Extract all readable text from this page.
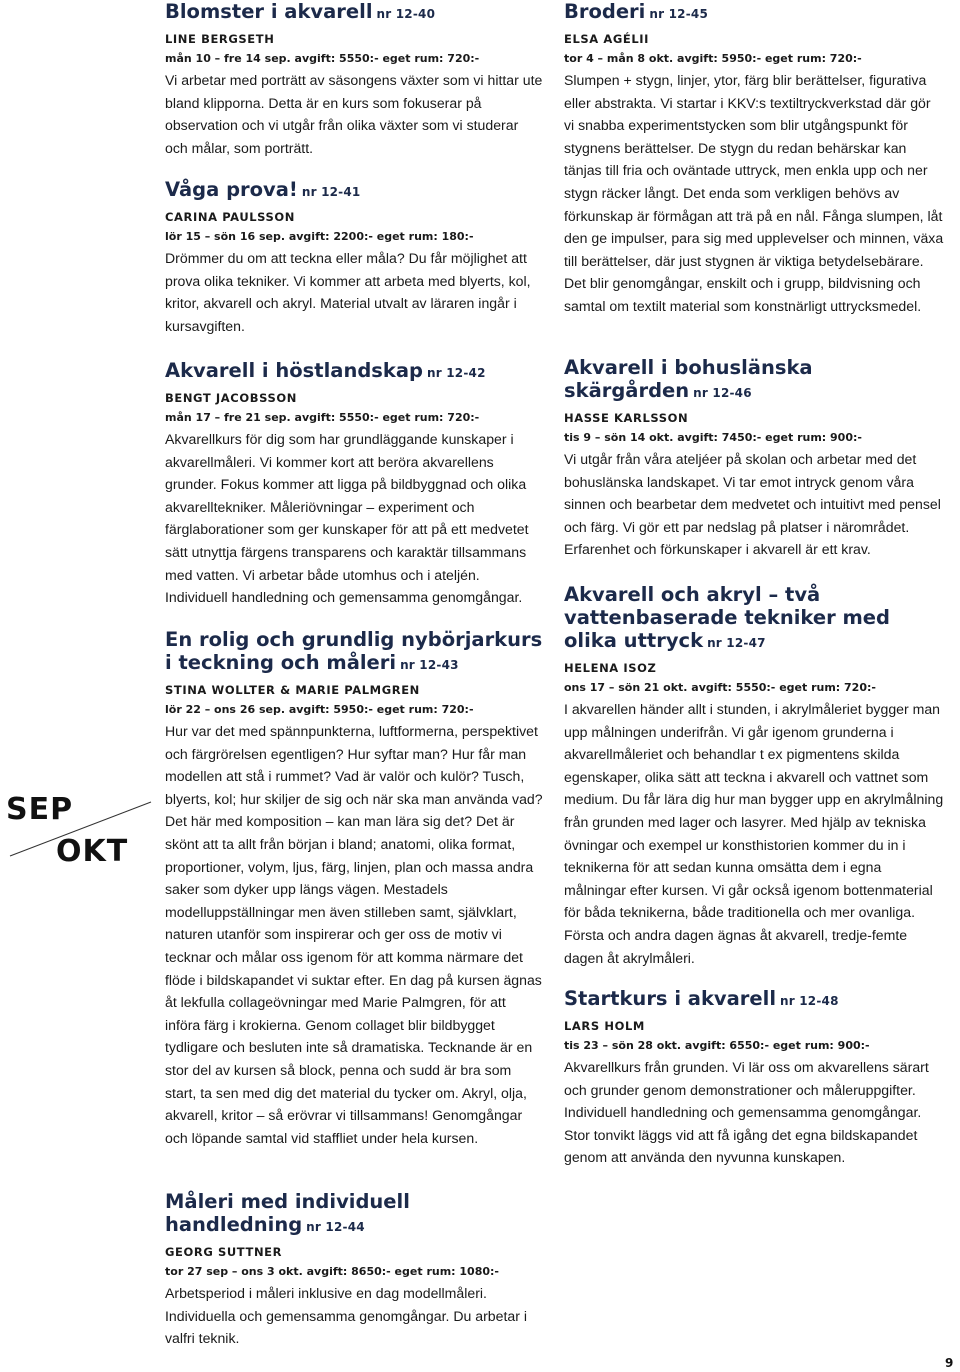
Blomster i akvarell nr 12-40
LINE BERGSETH
mån 10 – fre 14 sep. avgift: 5550:- eget rum: 720:-
Vi arbetar med porträtt av säsongens växter som vi hittar ute bland klipporna. Detta är en kurs som fokuserar på observation och vi utgår från olika växter som vi studerar och målar, som porträtt.
Våga prova! nr 12-41
CARINA PAULSSON
lör 15 – sön 16 sep. avgift: 2200:- eget rum: 180:-
Drömmer du om att teckna eller måla? Du får möjlighet att prova olika tekniker. Vi kommer att arbeta med blyerts, kol, kritor, akvarell och akryl. Material utvalt av läraren ingår i kursavgiften.
Akvarell i höstlandskap nr 12-42
BENGT JACOBSSON
mån 17 – fre 21 sep. avgift: 5550:- eget rum: 720:-
Akvarellkurs för dig som har grundläggande kunskaper i akvarellmåleri. Vi kommer kort att beröra akvarellens grunder. Fokus kommer att ligga på bildbyggnad och olika akvarelltekniker. Måleriövningar – experiment och färglaborationer som ger kunskaper för att på ett medvetet sätt utnyttja färgens transparens och karaktär tillsammans med vatten. Vi arbetar både utomhus och i ateljén. Individuell handledning och gemensamma genomgångar.
En rolig och grundlig nybörjarkurs i teckning och måleri nr 12-43
STINA WOLLTER & MARIE PALMGREN
lör 22 – ons 26 sep. avgift: 5950:- eget rum: 720:-
Hur var det med spännpunkterna, luftformerna, perspektivet och färgrörelsen egentligen? Hur syftar man? Hur får man modellen att stå i rummet? Vad är valör och kulör? Tusch, blyerts, kol; hur skiljer de sig och när ska man använda vad? Det här med komposition – kan man lära sig det? Det är skönt att ta allt från början i bland; anatomi, olika format, proportioner, volym, ljus, färg, linjen, plan och massa andra saker som dyker upp längs vägen. Mestadels modelluppställningar men även stilleben samt, självklart, naturen utanför som inspirerar och ger oss de motiv vi tecknar och målar oss igenom för att komma närmare det flöde i bildskapandet vi suktar efter. En dag på kursen ägnas åt lekfulla collageövningar med Marie Palmgren, för att införa färg i krokierna. Genom collaget blir bildbygget tydligare och besluten inte så dramatiska. Tecknande är en stor del av kursen så block, penna och sudd är bra som start, ta sen med dig det material du tycker om. Akryl, olja, akvarell, kritor – så erövrar vi tillsammans! Genomgångar och löpande samtal vid staffliet under hela kursen.
Måleri med individuell handledning nr 12-44
GEORG SUTTNER
tor 27 sep – ons 3 okt. avgift: 8650:- eget rum: 1080:-
Arbetsperiod i måleri inklusive en dag modellmåleri. Individuella och gemensamma genomgångar. Du arbetar i valfri teknik.
Broderi nr 12-45
ELSA AGÉLII
tor 4 – mån 8 okt. avgift: 5950:- eget rum: 720:-
Slumpen + stygn, linjer, ytor, färg blir berättelser, figurativa eller abstrakta. Vi startar i KKV:s textiltryckverkstad där gör vi snabba experimentstycken som blir utgångspunkt för stygnens berättelser. De stygn du redan behärskar kan tänjas till fria och oväntade uttryck, men enkla upp och ner stygn räcker långt. Det enda som verkligen behövs av förkunskap är förmågan att trä på en nål. Fånga slumpen, låt den ge impulser, para sig med upplevelser och minnen, växa till berättelser, där just stygnen är viktiga betydelsebärare. Det blir genomgångar, enskilt och i grupp, bildvisning och samtal om textilt material som konstnärligt uttrycksmedel.
Akvarell i bohuslänska skärgården nr 12-46
HASSE KARLSSON
tis 9 – sön 14 okt. avgift: 7450:- eget rum: 900:-
Vi utgår från våra ateljéer på skolan och arbetar med det bohuslänska landskapet. Vi tar emot intryck genom våra sinnen och bearbetar dem medvetet och intuitivt med pensel och färg. Vi gör ett par nedslag på platser i närområdet. Erfarenhet och förkunskaper i akvarell är ett krav.
Akvarell och akryl – två vattenbaserade tekniker med olika uttryck nr 12-47
HELENA ISOZ
ons 17 – sön 21 okt. avgift: 5550:- eget rum: 720:-
I akvarellen händer allt i stunden, i akrylmåleriet bygger man upp målningen underifrån. Vi går igenom grunderna i akvarellmåleriet och behandlar t ex pigmentens skilda egenskaper, olika sätt att teckna i akvarell och vattnet som medium. Du får lära dig hur man bygger upp en akrylmålning från grunden med lager och lasyrer. Med hjälp av tekniska övningar och exempel ur konsthistorien kommer du in i teknikerna för att sedan kunna omsätta dem i egna målningar efter kursen. Vi går också igenom bottenmaterial för båda teknikerna, både traditionella och mer ovanliga. Första och andra dagen ägnas åt akvarell, tredje-femte dagen åt akrylmåleri.
Startkurs i akvarell nr 12-48
LARS HOLM
tis 23 – sön 28 okt. avgift: 6550:- eget rum: 900:-
Akvarellkurs från grunden. Vi lär oss om akvarellens särart och grunder genom demonstrationer och måleruppgifter. Individuell handledning och gemensamma genomgångar. Stor tonvikt läggs vid att få igång det egna bildskapandet genom att använda den nyvunna kunskapen.
SEP
OKT
9
